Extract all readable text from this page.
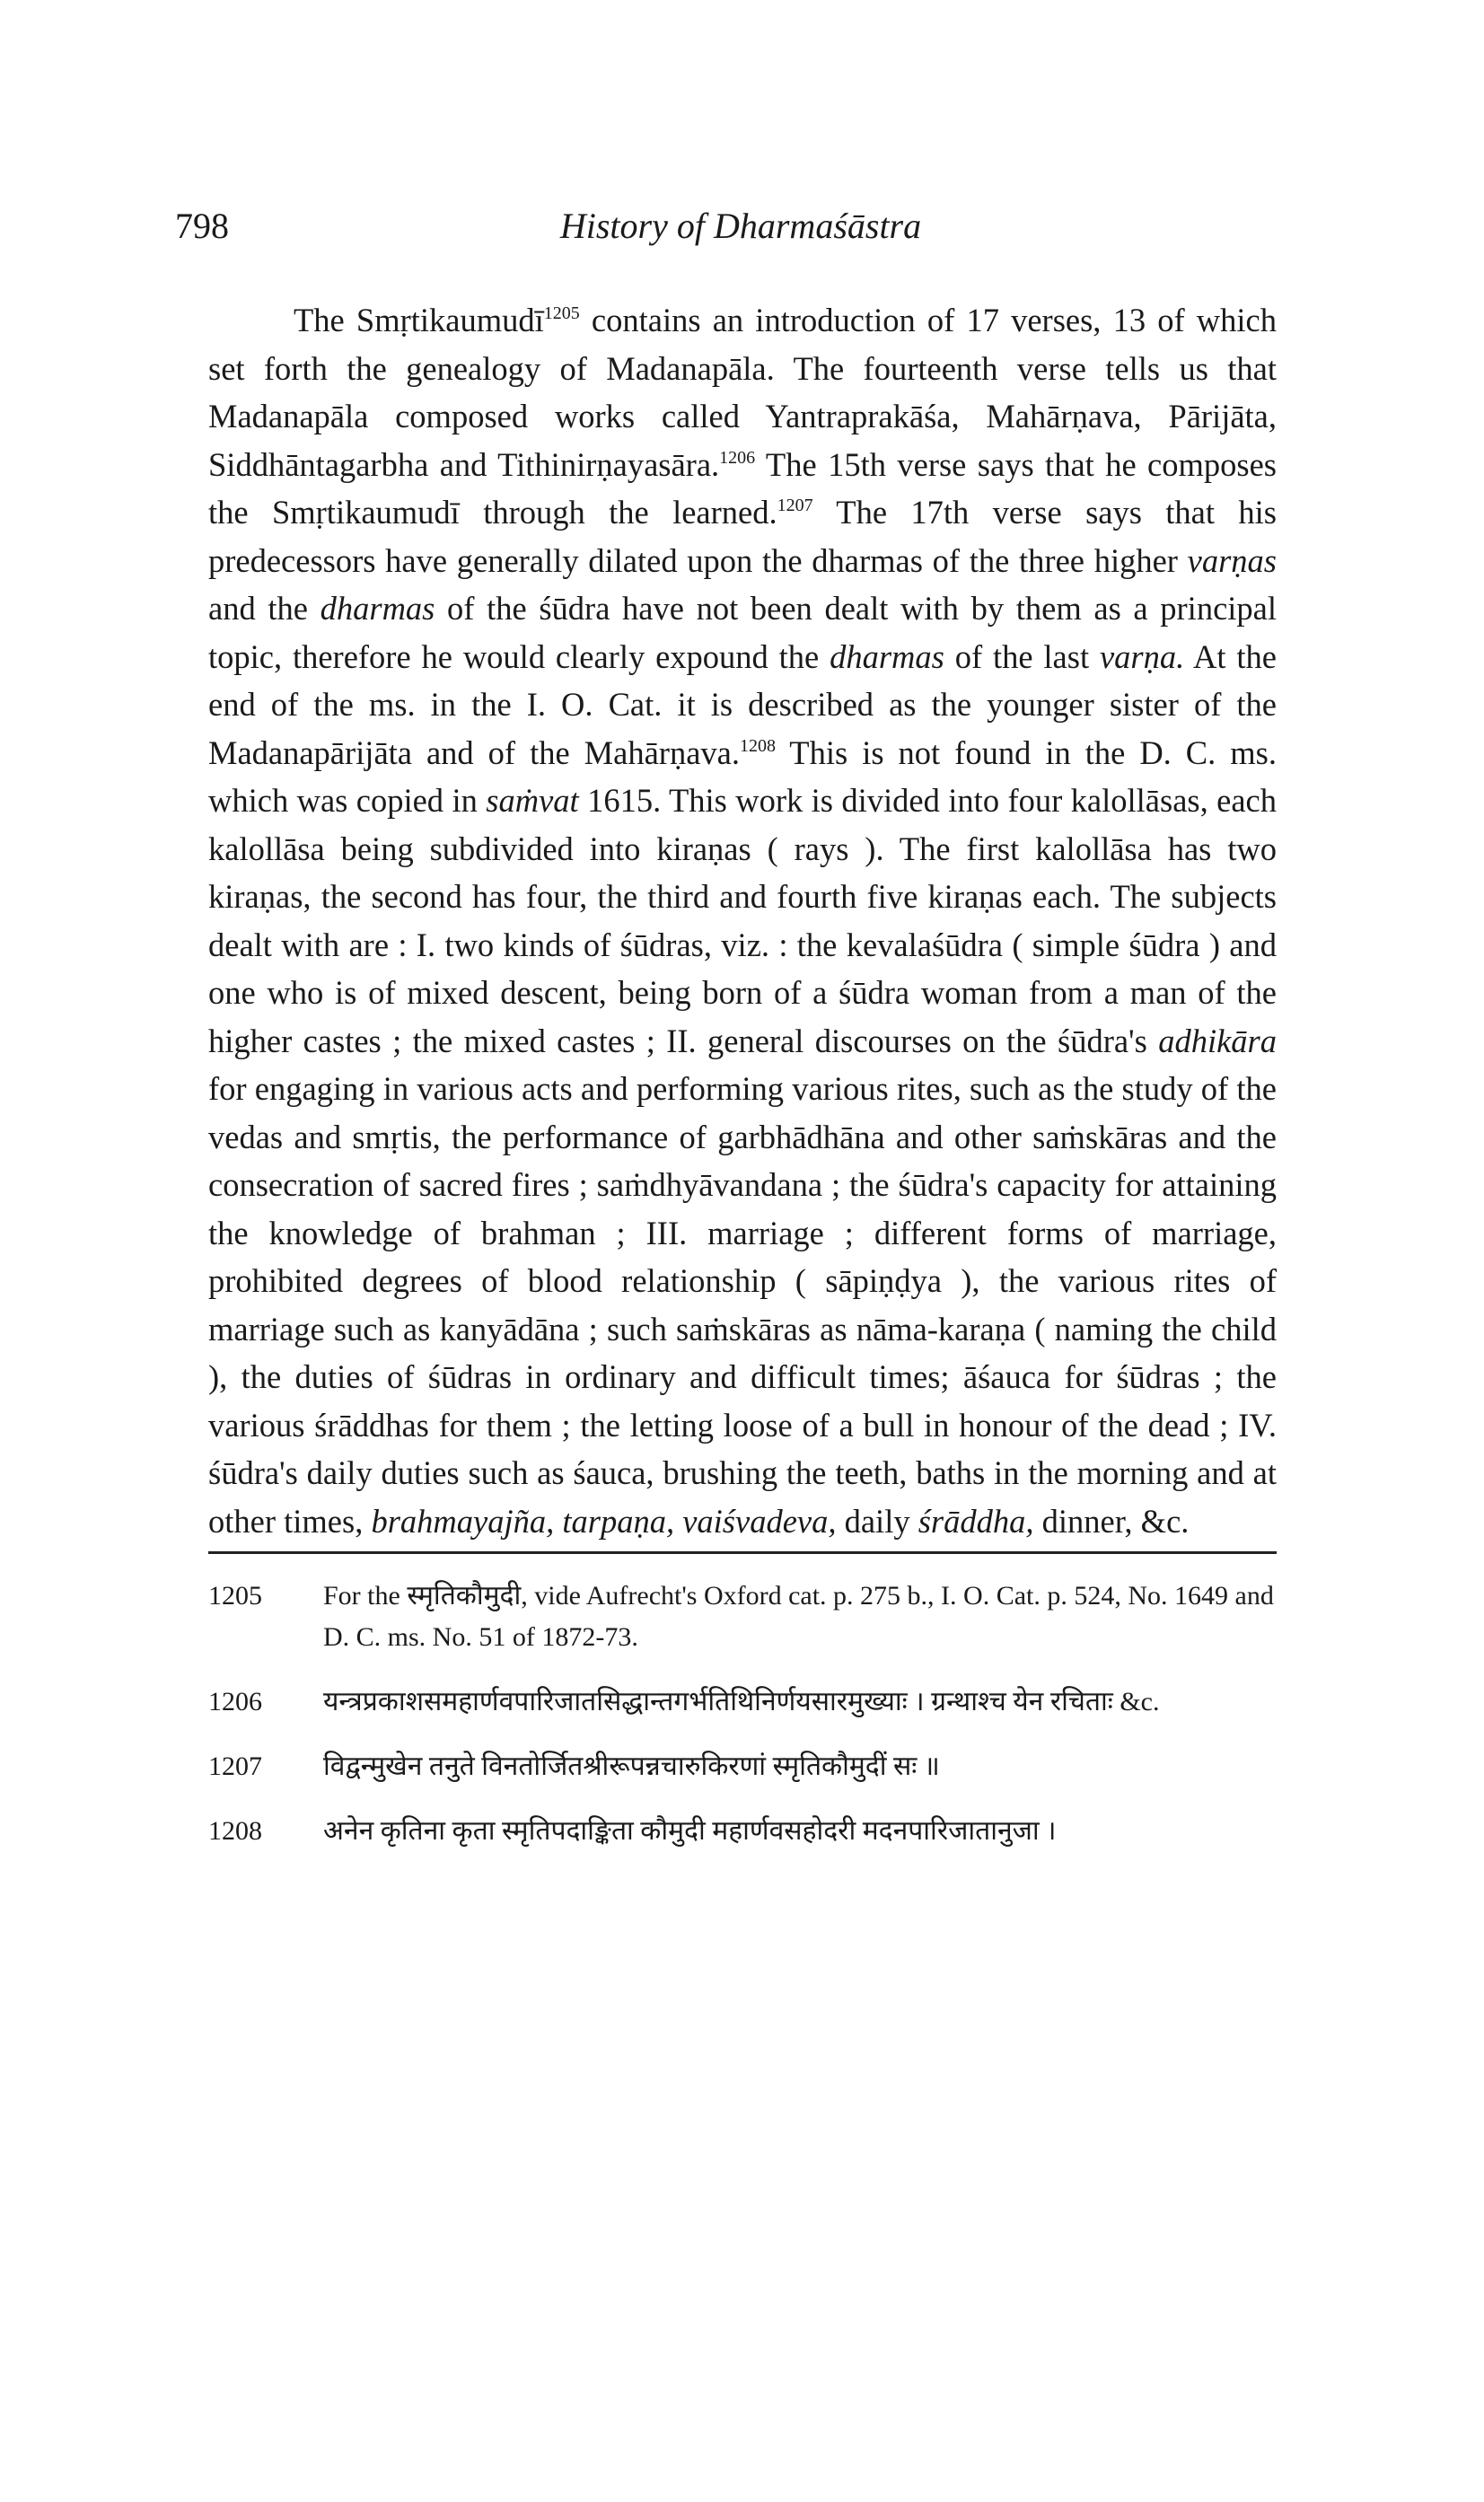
798	History of Dharmaśāstra

The Smṛtikaumudī$^{1205}$ contains an introduction of 17 verses, 13 of which set forth the genealogy of Madanapāla. The fourteenth verse tells us that Madanapāla composed works called Yantraprakāśa, Mahārṇava, Pārijāta, Siddhāntagarbha and Tithinirṇayasāra.$^{1206}$ The 15th verse says that he composes the Smṛtikaumudī through the learned.$^{1207}$ The 17th verse says that his predecessors have generally dilated upon the dharmas of the three higher varṇas and the dharmas of the śūdra have not been dealt with by them as a principal topic, therefore he would clearly expound the dharmas of the last varṇa. At the end of the ms. in the I. O. Cat. it is described as the younger sister of the Madanapārijāta and of the Mahārṇava.$^{1208}$ This is not found in the D. C. ms. which was copied in saṁvat 1615. This work is divided into four kalollāsas, each kalollāsa being subdivided into kiraṇas ( rays ). The first kalollāsa has two kiraṇas, the second has four, the third and fourth five kiraṇas each. The subjects dealt with are : I. two kinds of śūdras, viz. : the kevalaśūdra ( simple śūdra ) and one who is of mixed descent, being born of a śūdra woman from a man of the higher castes ; the mixed castes ; II. general discourses on the śūdra's adhikāra for engaging in various acts and performing various rites, such as the study of the vedas and smṛtis, the performance of garbhādhāna and other saṁskāras and the consecration of sacred fires ; saṁdhyāvandana ; the śūdra's capacity for attaining the knowledge of brahman ; III. marriage ; different forms of marriage, prohibited degrees of blood relationship ( sāpiṇḍya ), the various rites of marriage such as kanyādāna ; such saṁskāras as nāma-karaṇa ( naming the child ), the duties of śūdras in ordinary and difficult times; āśauca for śūdras ; the various śrāddhas for them ; the letting loose of a bull in honour of the dead ; IV. śūdra's daily duties such as śauca, brushing the teeth, baths in the morning and at other times, brahmayajña, tarpaṇa, vaiśvadeva, daily śrāddha, dinner, &c.

1205	For the स्मृतिकौमुदी, vide Aufrecht's Oxford cat. p. 275 b., I. O. Cat. p. 524, No. 1649 and D. C. ms. No. 51 of 1872-73.
1206	यन्त्रप्रकाशसमहार्णवपारिजातसिद्धान्तगर्भतिथिनिर्णयसारमुख्याः । ग्रन्थाश्च येन रचिताः &c.
1207	विद्वन्मुखेन तनुते विनतोर्जितश्रीरूपन्नचारुकिरणां स्मृतिकौमुदीं सः ॥
1208	अनेन कृतिना कृता स्मृतिपदाङ्किता कौमुदी महार्णवसहोदरी मदनपारिजातानुजा ।
